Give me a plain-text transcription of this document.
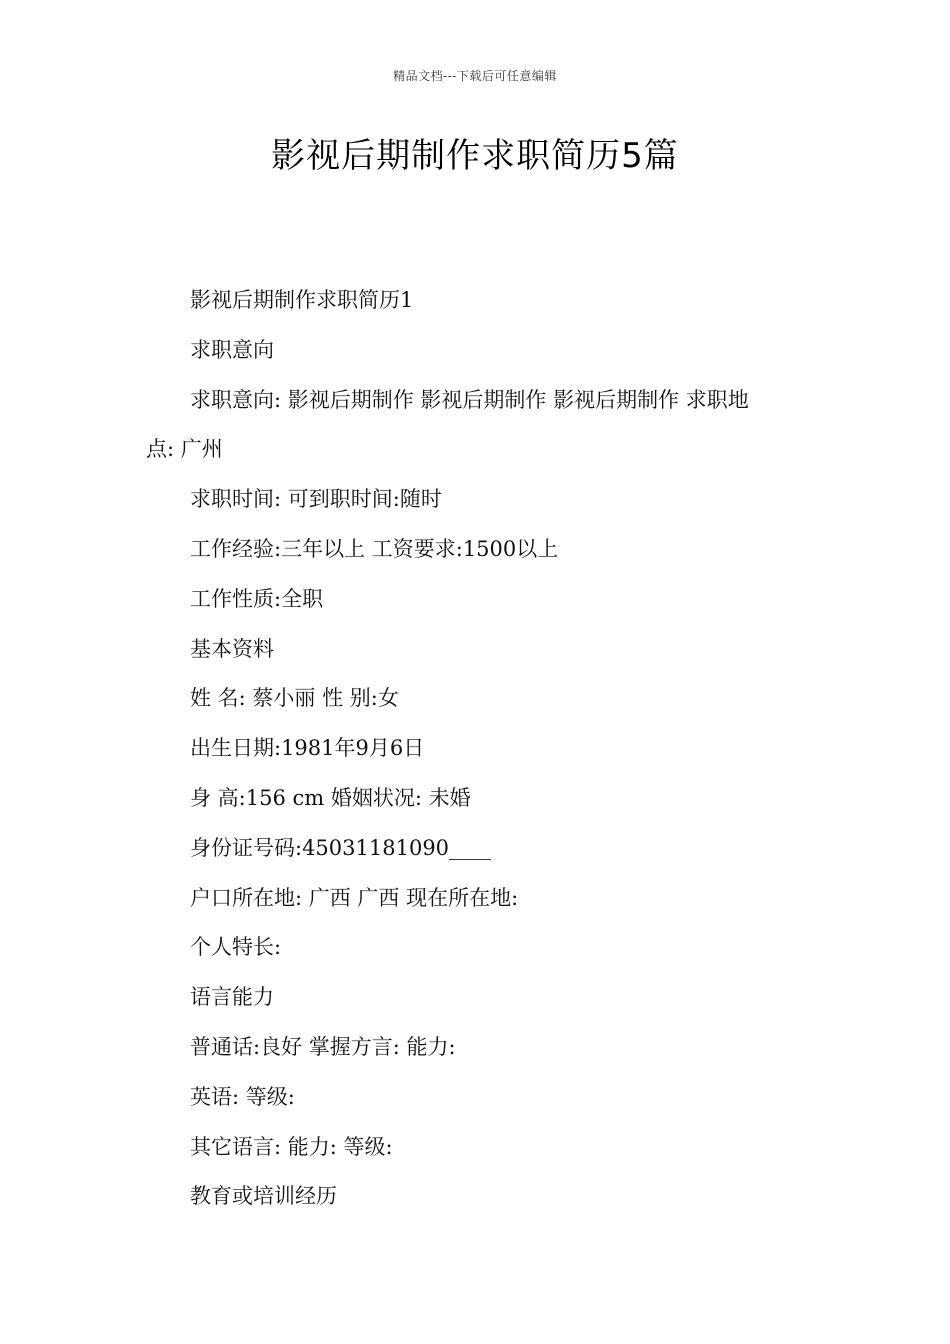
精品文档---下载后可任意编辑
影视后期制作求职简历5篇
影视后期制作求职简历1
求职意向
求职意向: 影视后期制作 影视后期制作 影视后期制作 求职地
点: 广州
求职时间: 可到职时间:随时
工作经验:三年以上 工资要求:1500以上
工作性质:全职
基本资料
姓 名: 蔡小丽 性 别:女
出生日期:1981年9月6日
身 高:156 cm 婚姻状况: 未婚
身份证号码:45031181090____
户口所在地: 广西 广西 现在所在地:
个人特长:
语言能力
普通话:良好 掌握方言: 能力:
英语: 等级:
其它语言: 能力: 等级:
教育或培训经历
